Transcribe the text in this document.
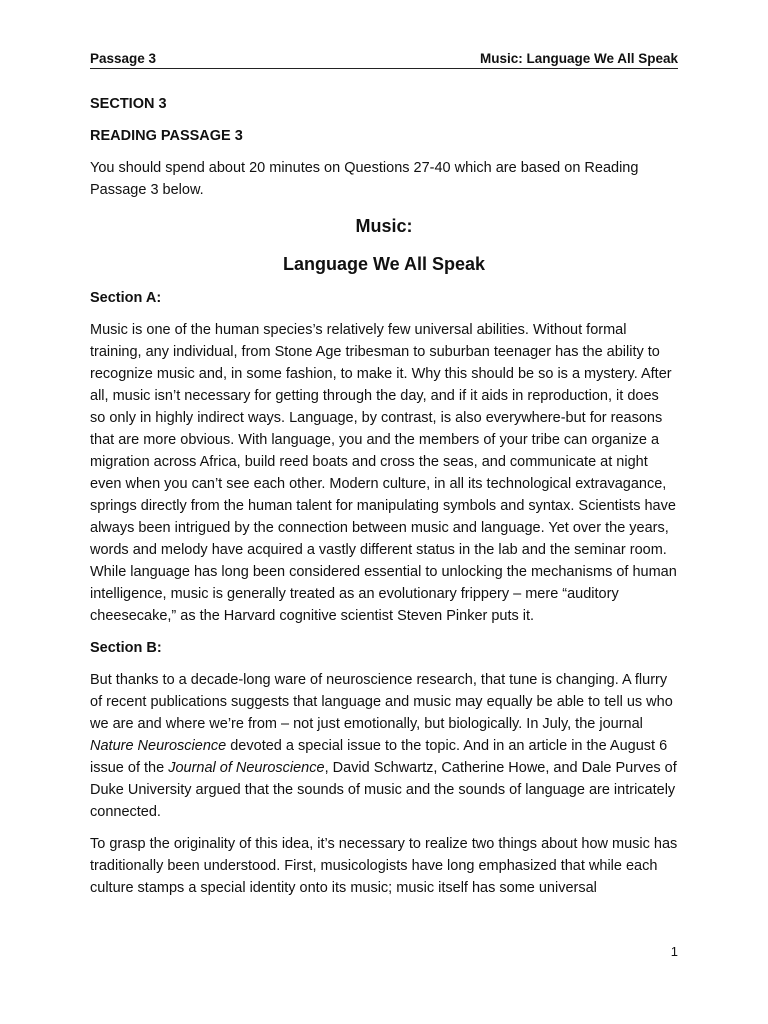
Passage 3	Music: Language We All Speak

SECTION 3

READING PASSAGE 3

You should spend about 20 minutes on Questions 27-40 which are based on Reading Passage 3 below.

Music:

Language We All Speak

Section A:

Music is one of the human species’s relatively few universal abilities. Without formal training, any individual, from Stone Age tribesman to suburban teenager has the ability to recognize music and, in some fashion, to make it. Why this should be so is a mystery. After all, music isn’t necessary for getting through the day, and if it aids in reproduction, it does so only in highly indirect ways. Language, by contrast, is also everywhere-but for reasons that are more obvious. With language, you and the members of your tribe can organize a migration across Africa, build reed boats and cross the seas, and communicate at night even when you can’t see each other. Modern culture, in all its technological extravagance, springs directly from the human talent for manipulating symbols and syntax. Scientists have always been intrigued by the connection between music and language. Yet over the years, words and melody have acquired a vastly different status in the lab and the seminar room. While language has long been considered essential to unlocking the mechanisms of human intelligence, music is generally treated as an evolutionary frippery – mere “auditory cheesecake,” as the Harvard cognitive scientist Steven Pinker puts it.

Section B:

But thanks to a decade-long ware of neuroscience research, that tune is changing. A flurry of recent publications suggests that language and music may equally be able to tell us who we are and where we’re from – not just emotionally, but biologically. In July, the journal Nature Neuroscience devoted a special issue to the topic. And in an article in the August 6 issue of the Journal of Neuroscience, David Schwartz, Catherine Howe, and Dale Purves of Duke University argued that the sounds of music and the sounds of language are intricately connected.

To grasp the originality of this idea, it’s necessary to realize two things about how music has traditionally been understood. First, musicologists have long emphasized that while each culture stamps a special identity onto its music; music itself has some universal

1
